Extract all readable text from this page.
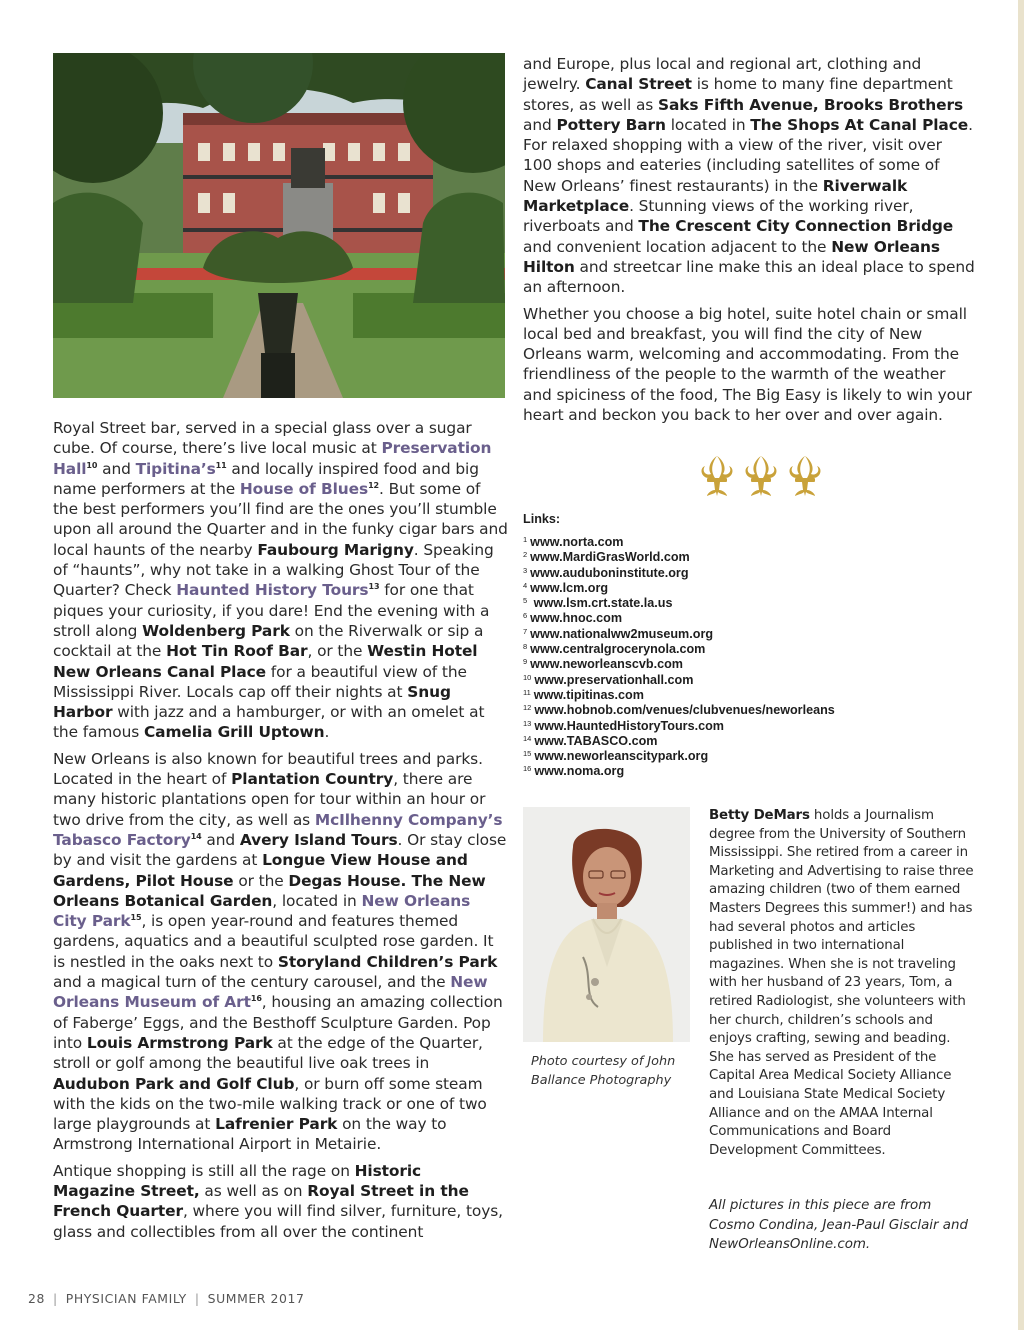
Royal Street bar, served in a special glass over a sugar cube. Of course, there’s live local music at Preservation Hall$^{10}$ and $Tipitina’s^{11}$ and locally inspired food and big name performers at the House of Blues$^{12}$. But some of the best performers you’ll find are the ones you’ll stumble upon all around the Quarter and in the funky cigar bars and local haunts of the nearby Faubourg Marigny. Speaking of “haunts”, why not take in a walking Ghost Tour of the Quarter? Check Haunted History Tours$^{13}$ for one that piques your curiosity, if you dare! End the evening with a stroll along Woldenberg Park on the Riverwalk or sip a cocktail at the Hot Tin Roof Bar, or the Westin Hotel New Orleans Canal Place for a beautiful view of the Mississippi River. Locals cap off their nights at Snug Harbor with jazz and a hamburger, or with an omelet at the famous Camelia Grill Uptown.

New Orleans is also known for beautiful trees and parks. Located in the heart of Plantation Country, there are many historic plantations open for tour within an hour or two drive from the city, as well as McIlhenny Company’s Tabasco Factory$^{14}$ and Avery Island Tours. Or stay close by and visit the gardens at Longue View House and Gardens, Pilot House or the Degas House. The New Orleans Botanical Garden, located in New Orleans City Park$^{15}$, is open year-round and features themed gardens, aquatics and a beautiful sculpted rose garden. It is nestled in the oaks next to Storyland Children’s Park and a magical turn of the century carousel, and the New Orleans Museum of Art$^{16}$, housing an amazing collection of Faberge’ Eggs, and the Besthoff Sculpture Garden. Pop into Louis Armstrong Park at the edge of the Quarter, stroll or golf among the beautiful live oak trees in Audubon Park and Golf Club, or burn off some steam with the kids on the two-mile walking track or one of two large playgrounds at Lafrenier Park on the way to Armstrong International Airport in Metairie.

Antique shopping is still all the rage on Historic Magazine Street, as well as on Royal Street in the French Quarter, where you will find silver, furniture, toys, glass and collectibles from all over the continent

and Europe, plus local and regional art, clothing and jewelry. Canal Street is home to many fine department stores, as well as Saks Fifth Avenue, Brooks Brothers and Pottery Barn located in The Shops At Canal Place. For relaxed shopping with a view of the river, visit over 100 shops and eateries (including satellites of some of New Orleans’ finest restaurants) in the Riverwalk Marketplace. Stunning views of the working river, riverboats and The Crescent City Connection Bridge and convenient location adjacent to the New Orleans Hilton and streetcar line make this an ideal place to spend an afternoon.

Whether you choose a big hotel, suite hotel chain or small local bed and breakfast, you will find the city of New Orleans warm, welcoming and accommodating. From the friendliness of the people to the warmth of the weather and spiciness of the food, The Big Easy is likely to win your heart and beckon you back to her over and over again.

Links:
$^1$ www.norta.com
$^2$ www.MardiGrasWorld.com
$^3$ www.auduboninstitute.org
$^4$ www.lcm.org
$^5$ www.lsm.crt.state.la.us
$^6$ www.hnoc.com
$^7$ www.nationalww2museum.org
$^8$ www.centralgrocerynola.com
$^9$ www.neworleanscvb.com
$^{10}$ www.preservationhall.com
$^{11}$ www.tipitinas.com
$^{12}$ www.hobnob.com/venues/clubvenues/neworleans
$^{13}$ www.HauntedHistoryTours.com
$^{14}$ www.TABASCO.com
$^{15}$ www.neworleanscitypark.org
$^{16}$ www.noma.org
Photo courtesy of John Ballance Photography
Betty DeMars holds a Journalism degree from the University of Southern Mississippi. She retired from a career in Marketing and Advertising to raise three amazing children (two of them earned Masters Degrees this summer!) and has had several photos and articles published in two international magazines. When she is not traveling with her husband of 23 years, Tom, a retired Radiologist, she volunteers with her church, children’s schools and enjoys crafting, sewing and beading. She has served as President of the Capital Area Medical Society Alliance and Louisiana State Medical Society Alliance and on the AMAA Internal Communications and Board Development Committees.
All pictures in this piece are from Cosmo Condina, Jean-Paul Gisclair and NewOrleansOnline.com.
28 | PHYSICIAN FAMILY | SUMMER 2017
